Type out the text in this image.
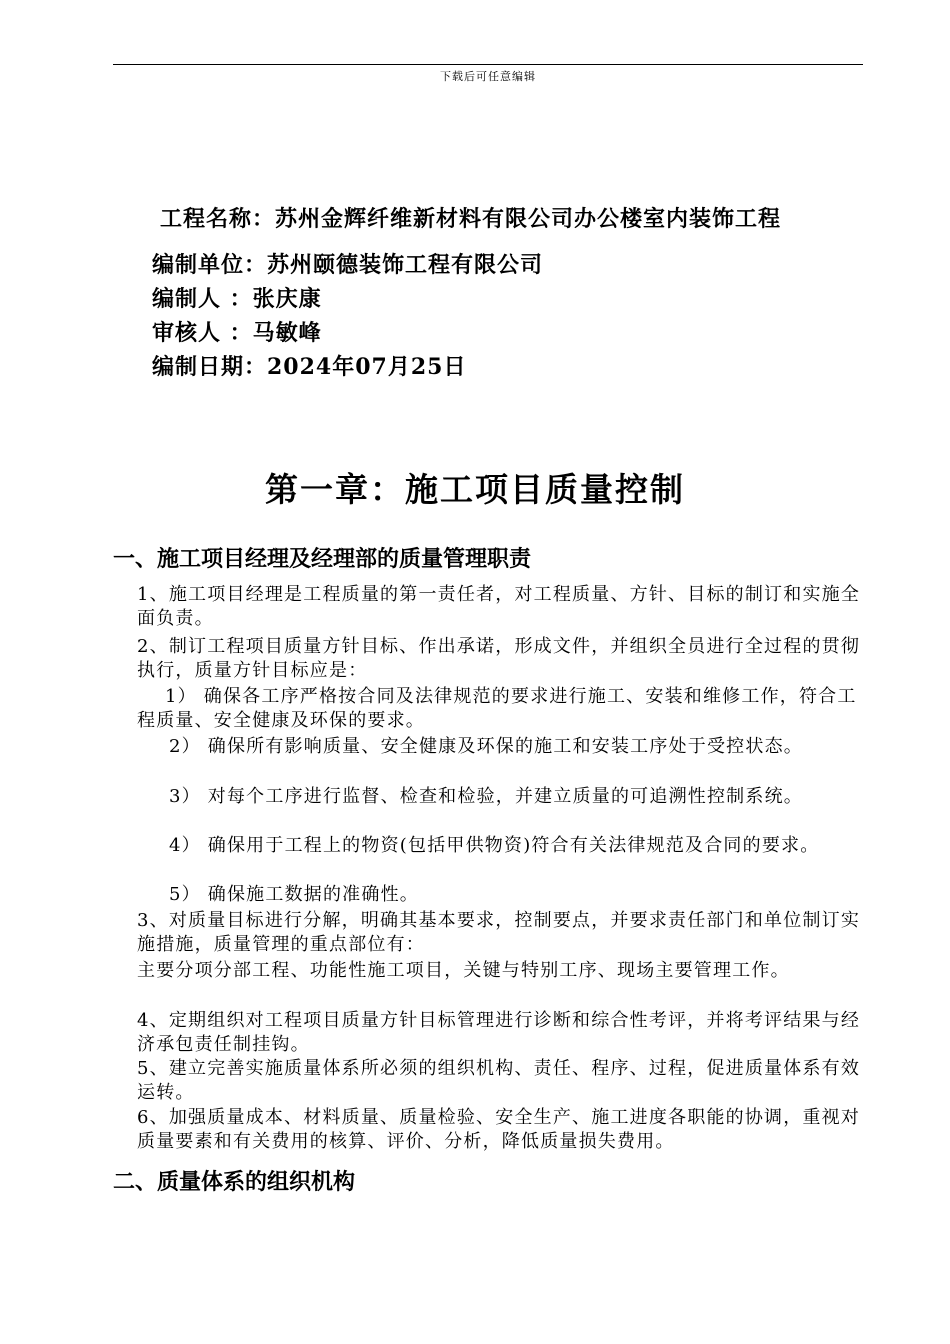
下载后可任意编辑
工程名称：苏州金辉纤维新材料有限公司办公楼室内装饰工程
编制单位：苏州颐德装饰工程有限公司
编制人 ：张庆康
审核人 ：马敏峰
编制日期：2024年07月25日
第一章：施工项目质量控制
一、施工项目经理及经理部的质量管理职责
1、施工项目经理是工程质量的第一责任者，对工程质量、方针、目标的制订和实施全面负责。
2、制订工程项目质量方针目标、作出承诺，形成文件，并组织全员进行全过程的贯彻执行，质量方针目标应是：
1） 确保各工序严格按合同及法律规范的要求进行施工、安装和维修工作，符合工程质量、安全健康及环保的要求。
2） 确保所有影响质量、安全健康及环保的施工和安装工序处于受控状态。
3） 对每个工序进行监督、检查和检验，并建立质量的可追溯性控制系统。
4） 确保用于工程上的物资(包括甲供物资)符合有关法律规范及合同的要求。
5） 确保施工数据的准确性。
3、对质量目标进行分解，明确其基本要求，控制要点，并要求责任部门和单位制订实施措施，质量管理的重点部位有：
主要分项分部工程、功能性施工项目，关键与特别工序、现场主要管理工作。
4、定期组织对工程项目质量方针目标管理进行诊断和综合性考评，并将考评结果与经济承包责任制挂钩。
5、建立完善实施质量体系所必须的组织机构、责任、程序、过程，促进质量体系有效运转。
6、加强质量成本、材料质量、质量检验、安全生产、施工进度各职能的协调，重视对质量要素和有关费用的核算、评价、分析，降低质量损失费用。
二、质量体系的组织机构
